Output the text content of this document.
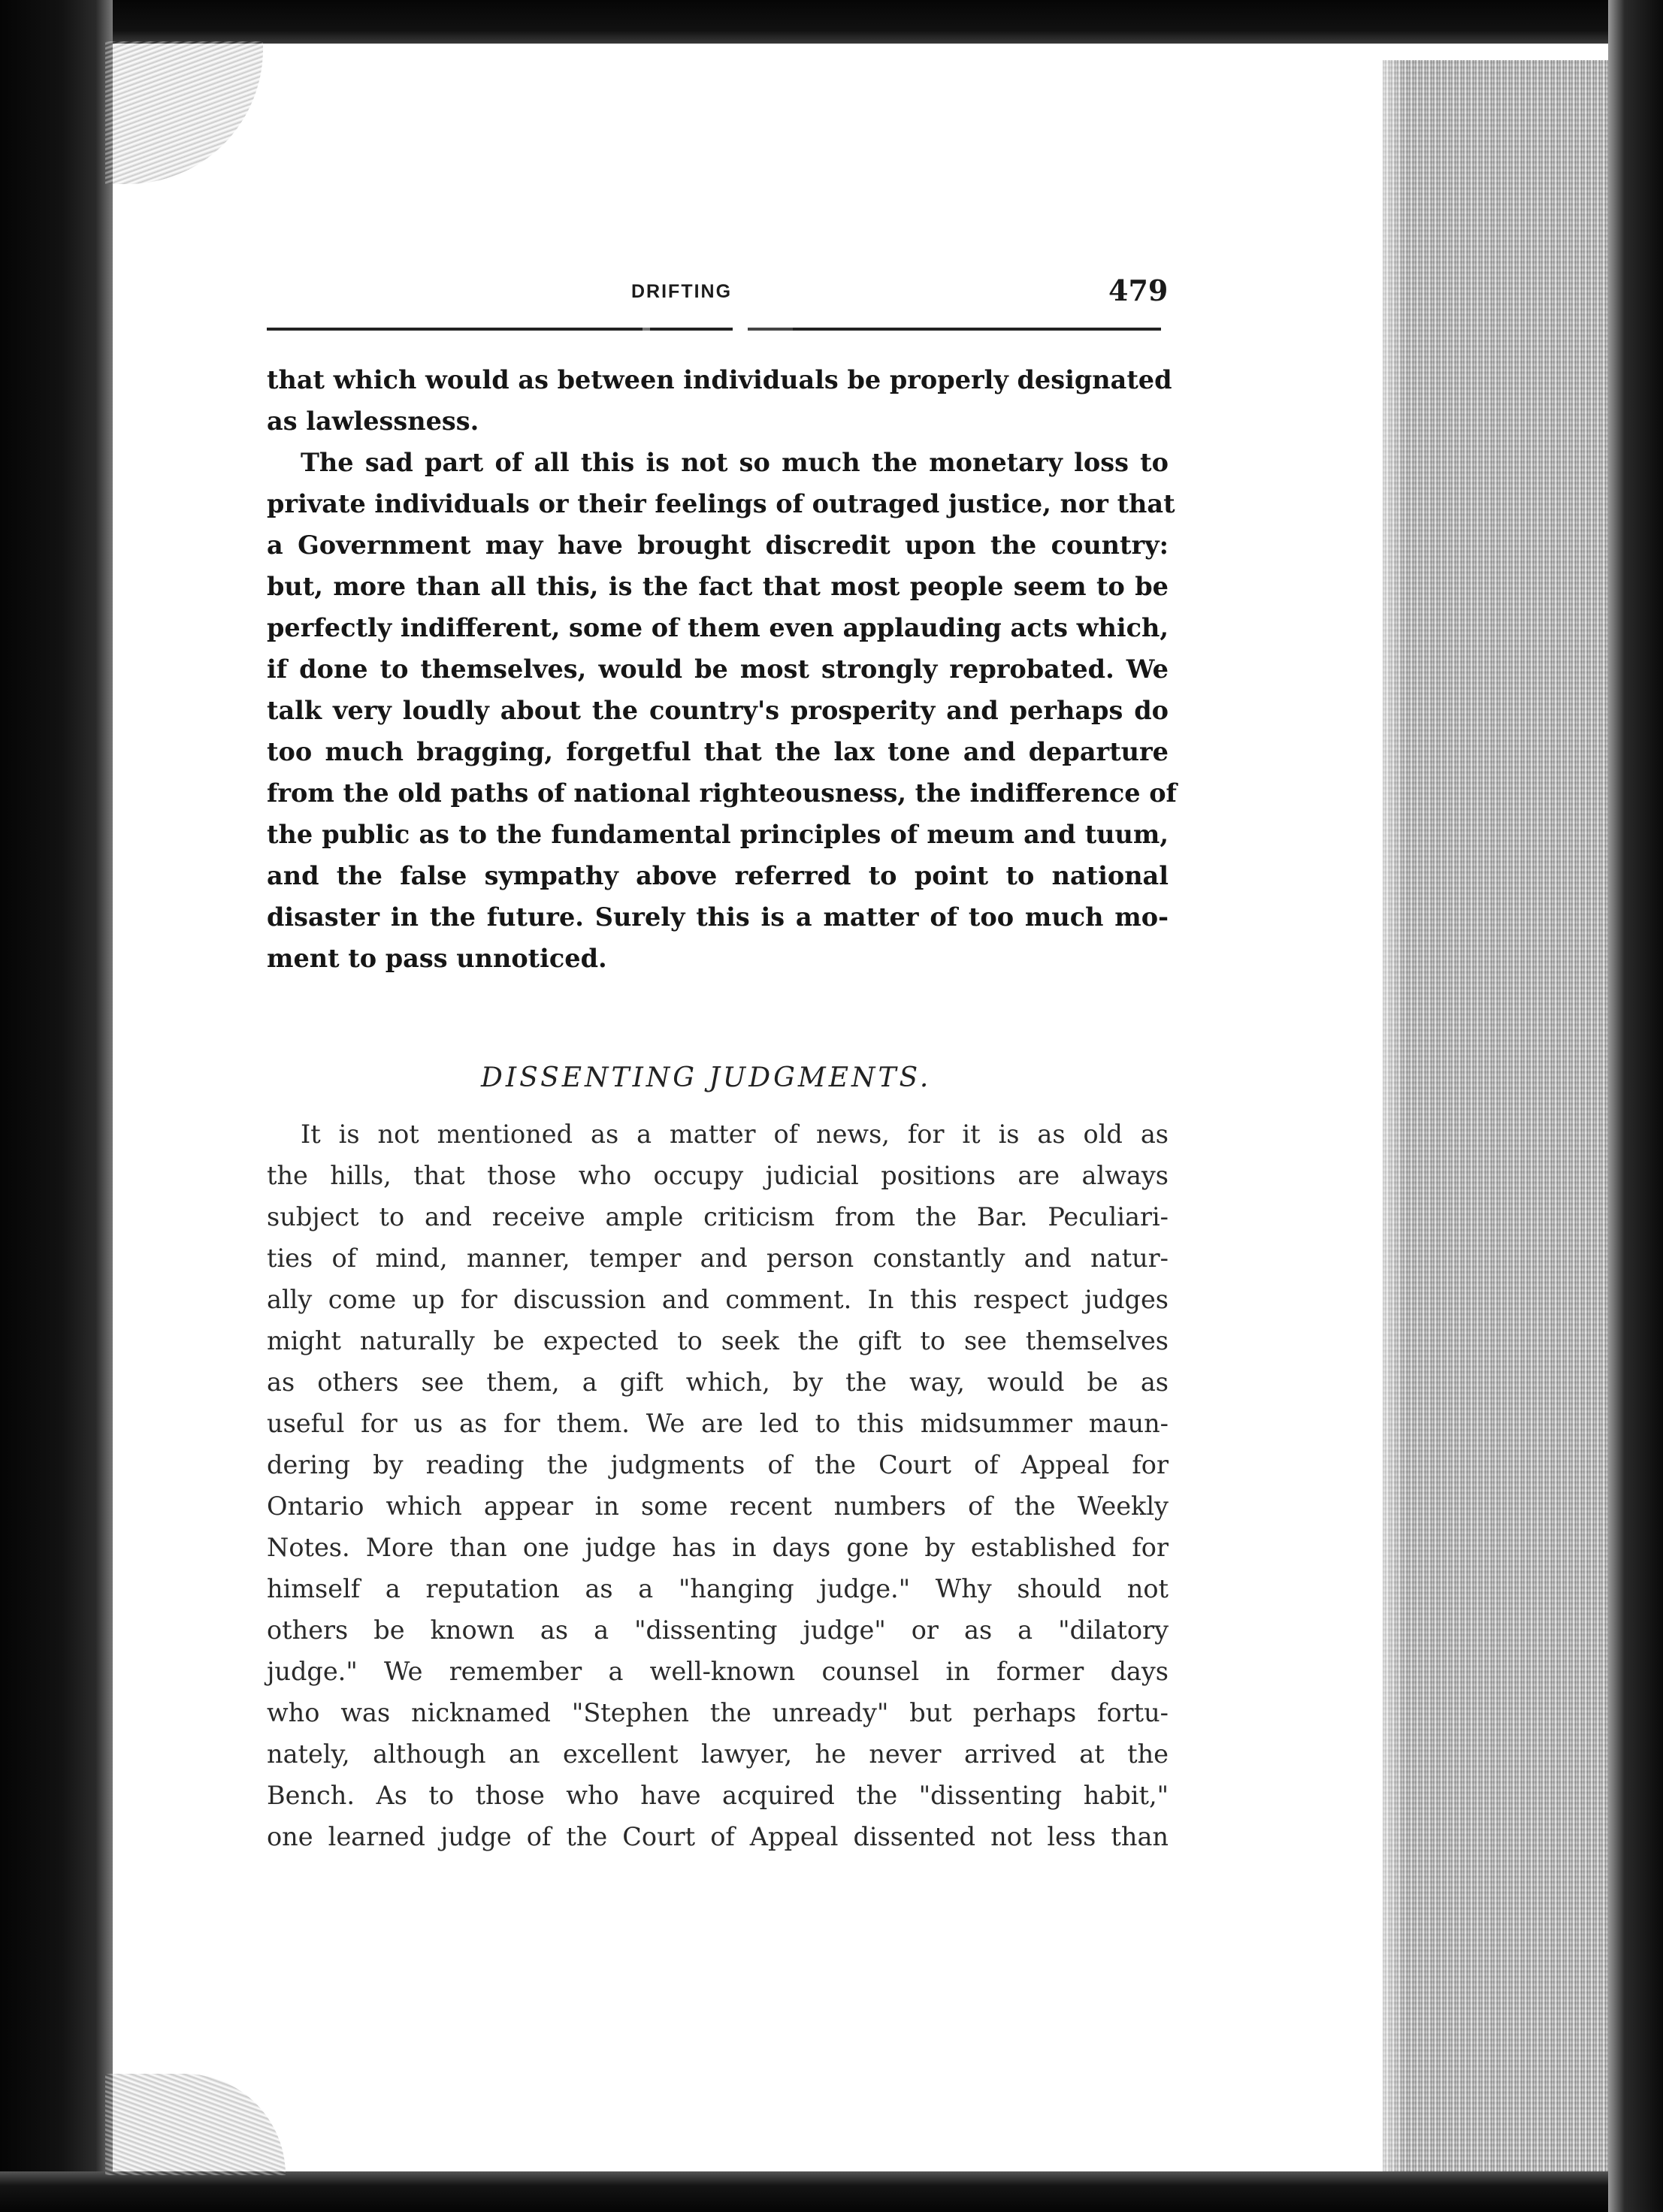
DRIFTING	479
that which would as between individuals be properly designated
as lawlessness.
The sad part of all this is not so much the monetary loss to
private individuals or their feelings of outraged justice, nor that
a Government may have brought discredit upon the country:
but, more than all this, is the fact that most people seem to be
perfectly indifferent, some of them even applauding acts which,
if done to themselves, would be most strongly reprobated. We
talk very loudly about the country's prosperity and perhaps do
too much bragging, forgetful that the lax tone and departure
from the old paths of national righteousness, the indifference of
the public as to the fundamental principles of meum and tuum,
and the false sympathy above referred to point to national
disaster in the future. Surely this is a matter of too much mo-
ment to pass unnoticed.
DISSENTING JUDGMENTS.
It is not mentioned as a matter of news, for it is as old as
the hills, that those who occupy judicial positions are always
subject to and receive ample criticism from the Bar. Peculiari-
ties of mind, manner, temper and person constantly and natur-
ally come up for discussion and comment. In this respect judges
might naturally be expected to seek the gift to see themselves
as others see them, a gift which, by the way, would be as
useful for us as for them. We are led to this midsummer maun-
dering by reading the judgments of the Court of Appeal for
Ontario which appear in some recent numbers of the Weekly
Notes. More than one judge has in days gone by established for
himself a reputation as a "hanging judge." Why should not
others be known as a "dissenting judge" or as a "dilatory
judge." We remember a well-known counsel in former days
who was nicknamed "Stephen the unready" but perhaps fortu-
nately, although an excellent lawyer, he never arrived at the
Bench. As to those who have acquired the "dissenting habit,"
one learned judge of the Court of Appeal dissented not less than
